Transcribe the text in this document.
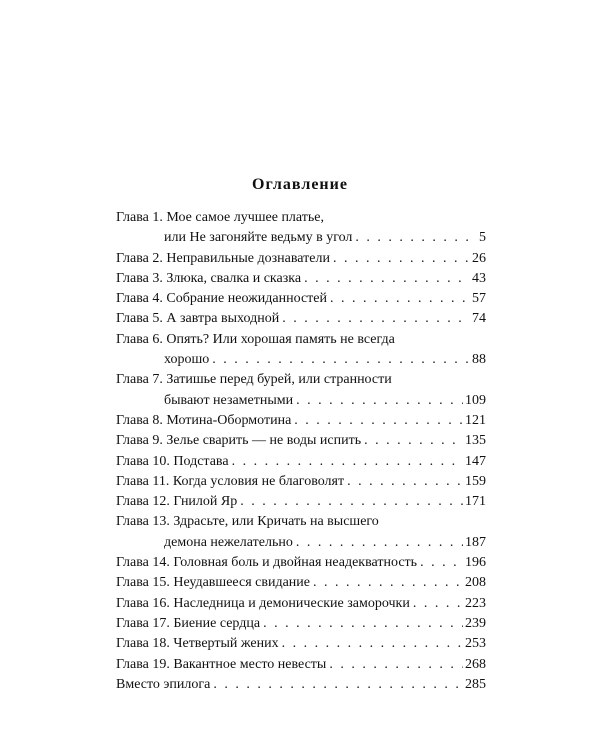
Оглавление
Глава 1. Мое самое лучшее платье,
или Не загоняйте ведьму в угол . . .	5
Глава 2. Неправильные дознаватели . . .	26
Глава 3. Злюка, свалка и сказка . . .	43
Глава 4. Собрание неожиданностей . . .	57
Глава 5. А завтра выходной . . .	74
Глава 6. Опять? Или хорошая память не всегда
хорошо . . .	88
Глава 7. Затишье перед бурей, или странности
бывают незаметными . . .	109
Глава 8. Мотина-Обормотина . . .	121
Глава 9. Зелье сварить — не воды испить . . .	135
Глава 10. Подстава . . .	147
Глава 11. Когда условия не благоволят . . .	159
Глава 12. Гнилой Яр . . .	171
Глава 13. Здрасьте, или Кричать на высшего
демона нежелательно . . .	187
Глава 14. Головная боль и двойная неадекватность . . .	196
Глава 15. Неудавшееся свидание . . .	208
Глава 16. Наследница и демонические заморочки . . .	223
Глава 17. Биение сердца . . .	239
Глава 18. Четвертый жених . . .	253
Глава 19. Вакантное место невесты . . .	268
Вместо эпилога . . .	285
